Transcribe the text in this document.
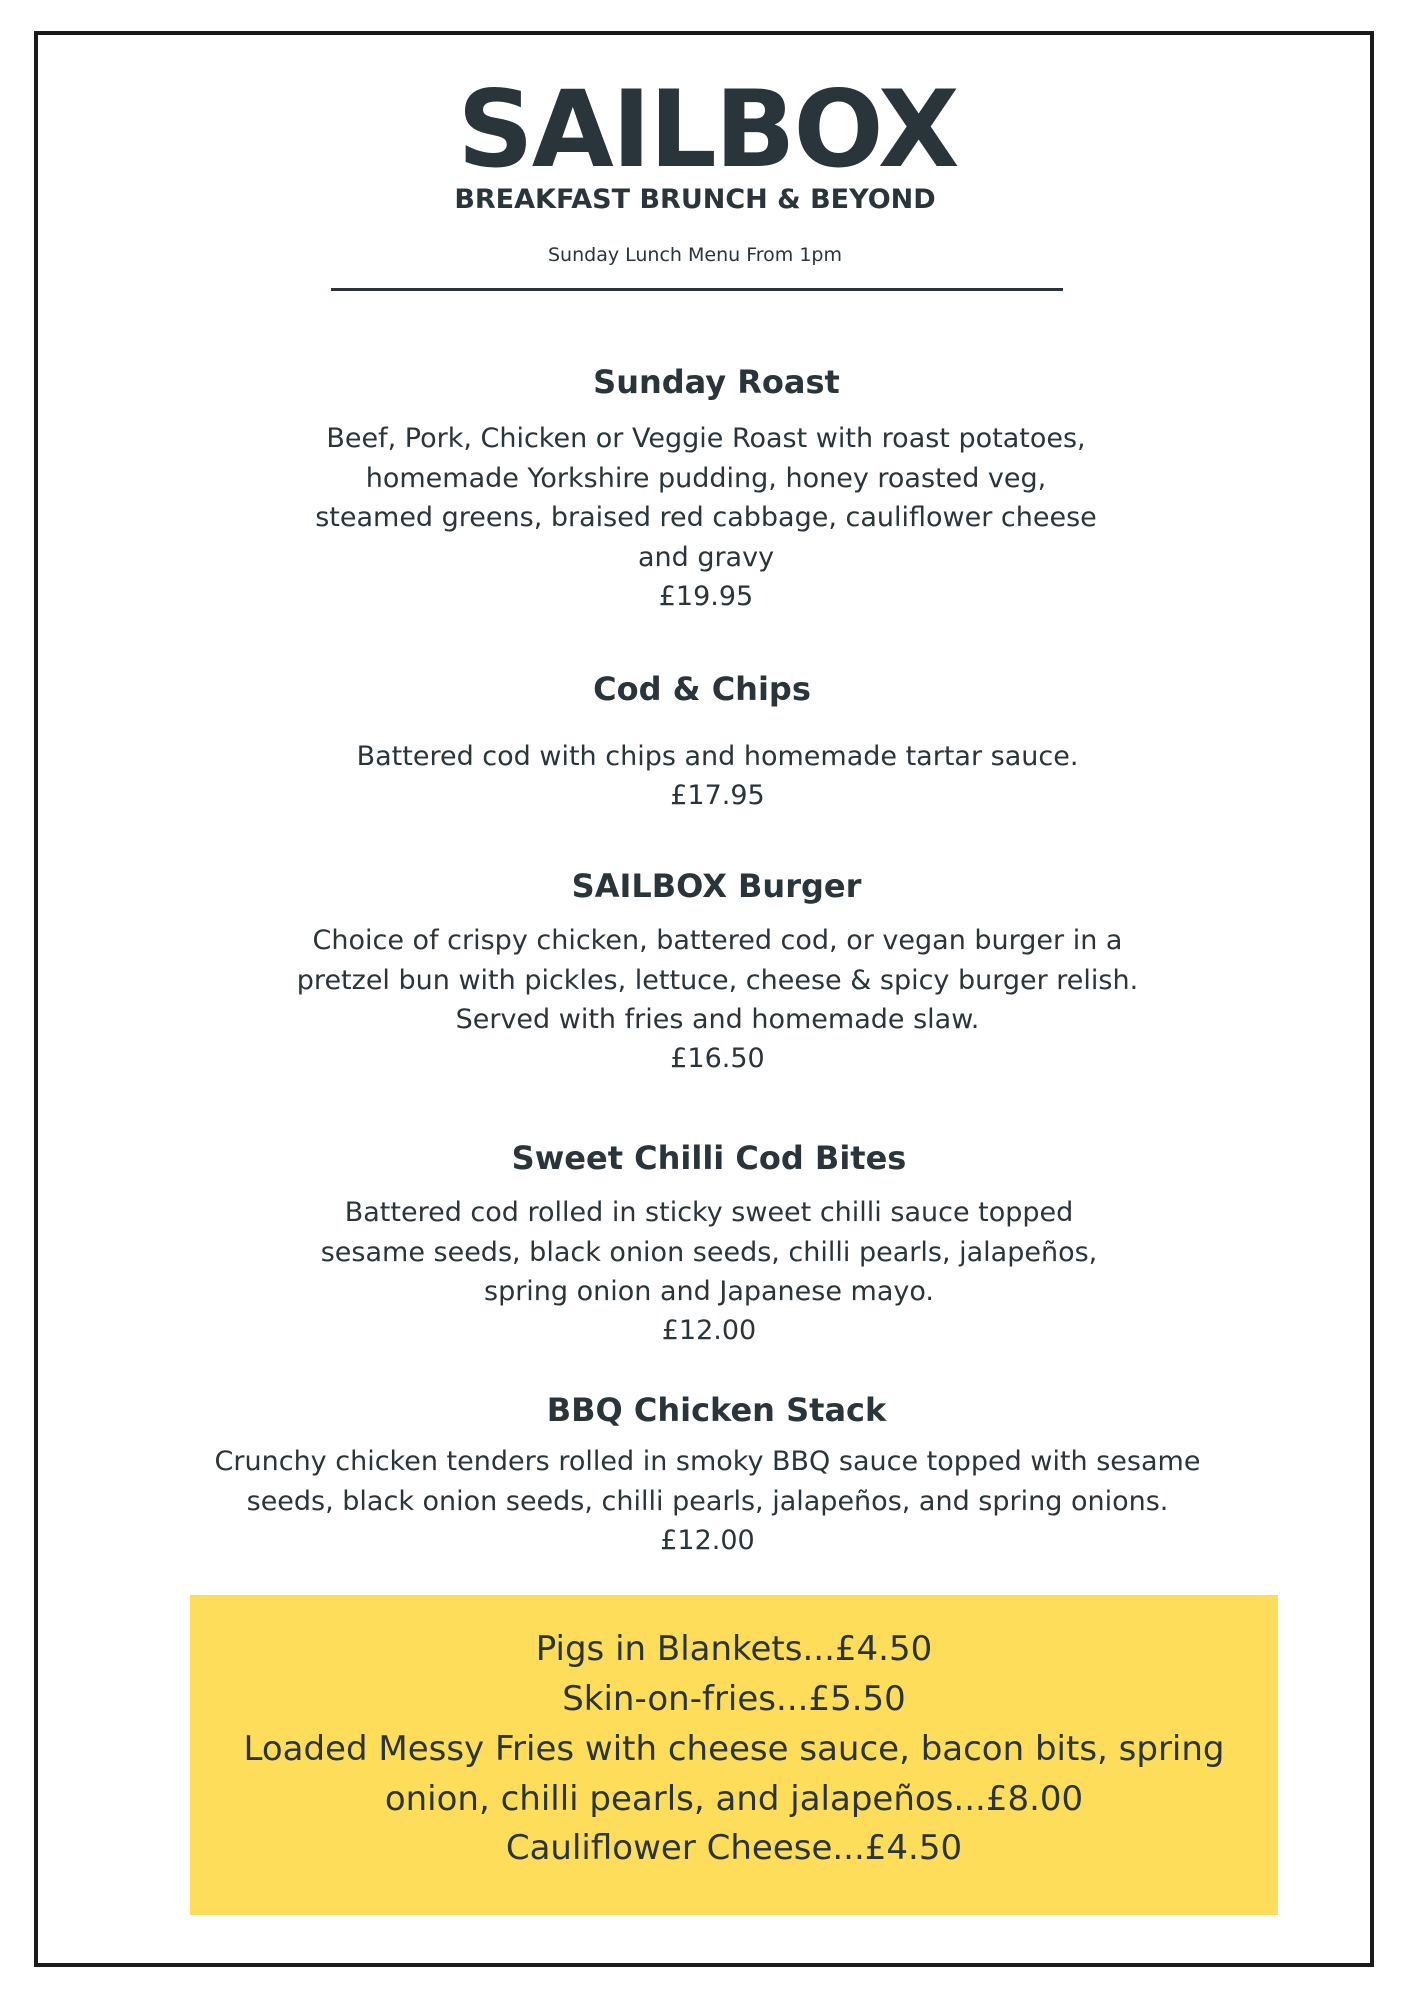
SAILBOX
BREAKFAST BRUNCH & BEYOND
Sunday Lunch Menu From 1pm
Sunday Roast
Beef, Pork, Chicken or Veggie Roast with roast potatoes,
homemade Yorkshire pudding, honey roasted veg,
steamed greens, braised red cabbage, cauliflower cheese
and gravy
£19.95
Cod & Chips
Battered cod with chips and homemade tartar sauce.
£17.95
SAILBOX Burger
Choice of crispy chicken, battered cod, or vegan burger in a
pretzel bun with pickles, lettuce, cheese & spicy burger relish.
Served with fries and homemade slaw.
£16.50
Sweet Chilli Cod Bites
Battered cod rolled in sticky sweet chilli sauce topped
sesame seeds, black onion seeds, chilli pearls, jalapeños,
spring onion and Japanese mayo.
£12.00
BBQ Chicken Stack
Crunchy chicken tenders rolled in smoky BBQ sauce topped with sesame
seeds, black onion seeds, chilli pearls, jalapeños, and spring onions.
£12.00
Pigs in Blankets...£4.50
Skin-on-fries...£5.50
Loaded Messy Fries with cheese sauce, bacon bits, spring
onion, chilli pearls, and jalapeños...£8.00
Cauliflower Cheese...£4.50
